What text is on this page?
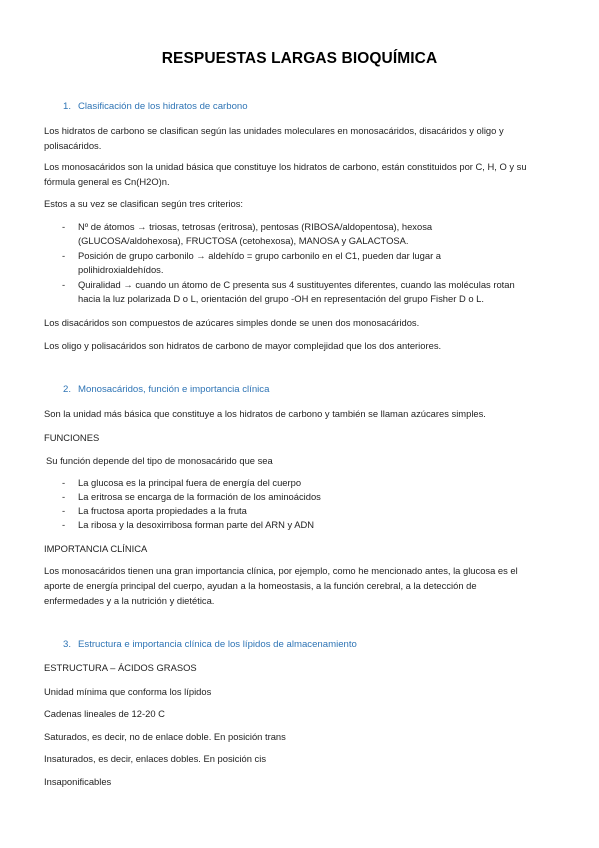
RESPUESTAS LARGAS BIOQUÍMICA
1. Clasificación de los hidratos de carbono
Los hidratos de carbono se clasifican según las unidades moleculares en monosacáridos, disacáridos y oligo y
polisacáridos.
Los monosacáridos son la unidad básica que constituye los hidratos de carbono, están constituidos por C, H, O y su
fórmula general es Cn(H2O)n.
Estos a su vez se clasifican según tres criterios:
- Nº de átomos → triosas, tetrosas (eritrosa), pentosas (RIBOSA/aldopentosa), hexosa
(GLUCOSA/aldohexosa), FRUCTOSA (cetohexosa), MANOSA y GALACTOSA.
- Posición de grupo carbonilo → aldehído = grupo carbonilo en el C1, pueden dar lugar a
polihidroxialdehídos.
- Quiralidad → cuando un átomo de C presenta sus 4 sustituyentes diferentes, cuando las moléculas rotan
hacia la luz polarizada D o L, orientación del grupo -OH en representación del grupo Fisher D o L.
Los disacáridos son compuestos de azúcares simples donde se unen dos monosacáridos.
Los oligo y polisacáridos son hidratos de carbono de mayor complejidad que los dos anteriores.
2. Monosacáridos, función e importancia clínica
Son la unidad más básica que constituye a los hidratos de carbono y también se llaman azúcares simples.
FUNCIONES
Su función depende del tipo de monosacárido que sea
- La glucosa es la principal fuera de energía del cuerpo
- La eritrosa se encarga de la formación de los aminoácidos
- La fructosa aporta propiedades a la fruta
- La ribosa y la desoxirribosa forman parte del ARN y ADN
IMPORTANCIA CLÍNICA
Los monosacáridos tienen una gran importancia clínica, por ejemplo, como he mencionado antes, la glucosa es el
aporte de energía principal del cuerpo, ayudan a la homeostasis, a la función cerebral, a la detección de
enfermedades y a la nutrición y dietética.
3. Estructura e importancia clínica de los lípidos de almacenamiento
ESTRUCTURA – ÁCIDOS GRASOS
Unidad mínima que conforma los lípidos
Cadenas lineales de 12-20 C
Saturados, es decir, no de enlace doble. En posición trans
Insaturados, es decir, enlaces dobles. En posición cis
Insaponificables
